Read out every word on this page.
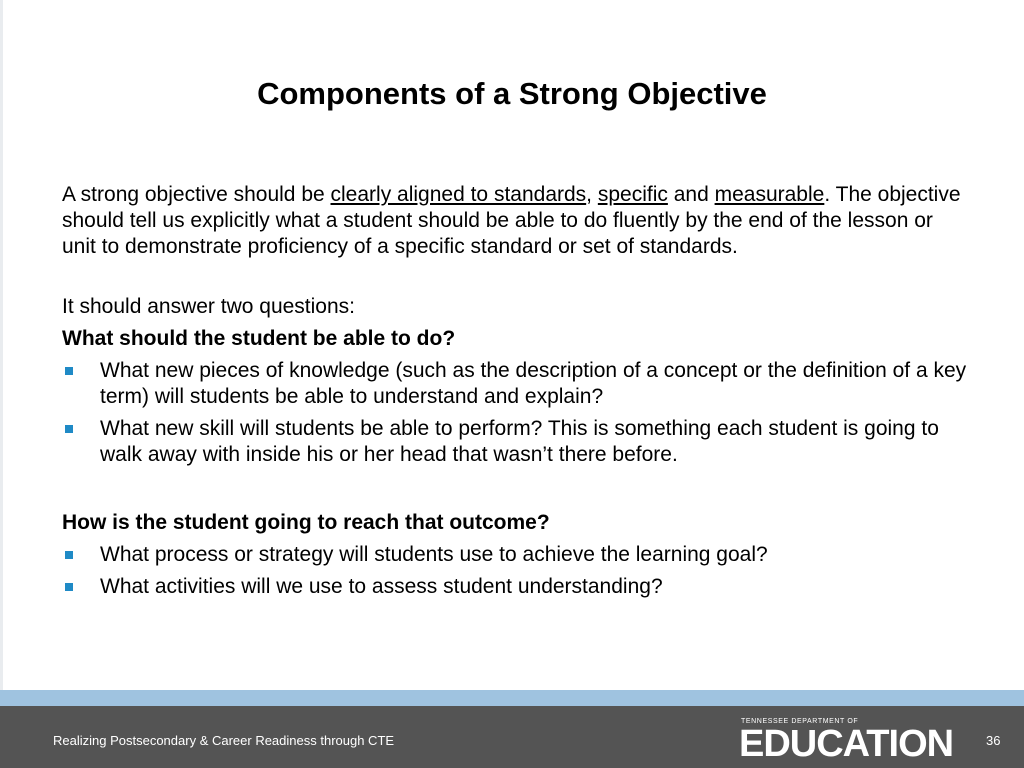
Components of a Strong Objective

A strong objective should be clearly aligned to standards, specific and measurable. The objective should tell us explicitly what a student should be able to do fluently by the end of the lesson or unit to demonstrate proficiency of a specific standard or set of standards.

It should answer two questions:

What should the student be able to do?

What new pieces of knowledge (such as the description of a concept or the definition of a key term) will students be able to understand and explain?
What new skill will students be able to perform? This is something each student is going to walk away with inside his or her head that wasn’t there before.

How is the student going to reach that outcome?

What process or strategy will students use to achieve the learning goal?
What activities will we use to assess student understanding?
Realizing Postsecondary & Career Readiness through CTE
TENNESSEE DEPARTMENT OF
EDUCATION	36
